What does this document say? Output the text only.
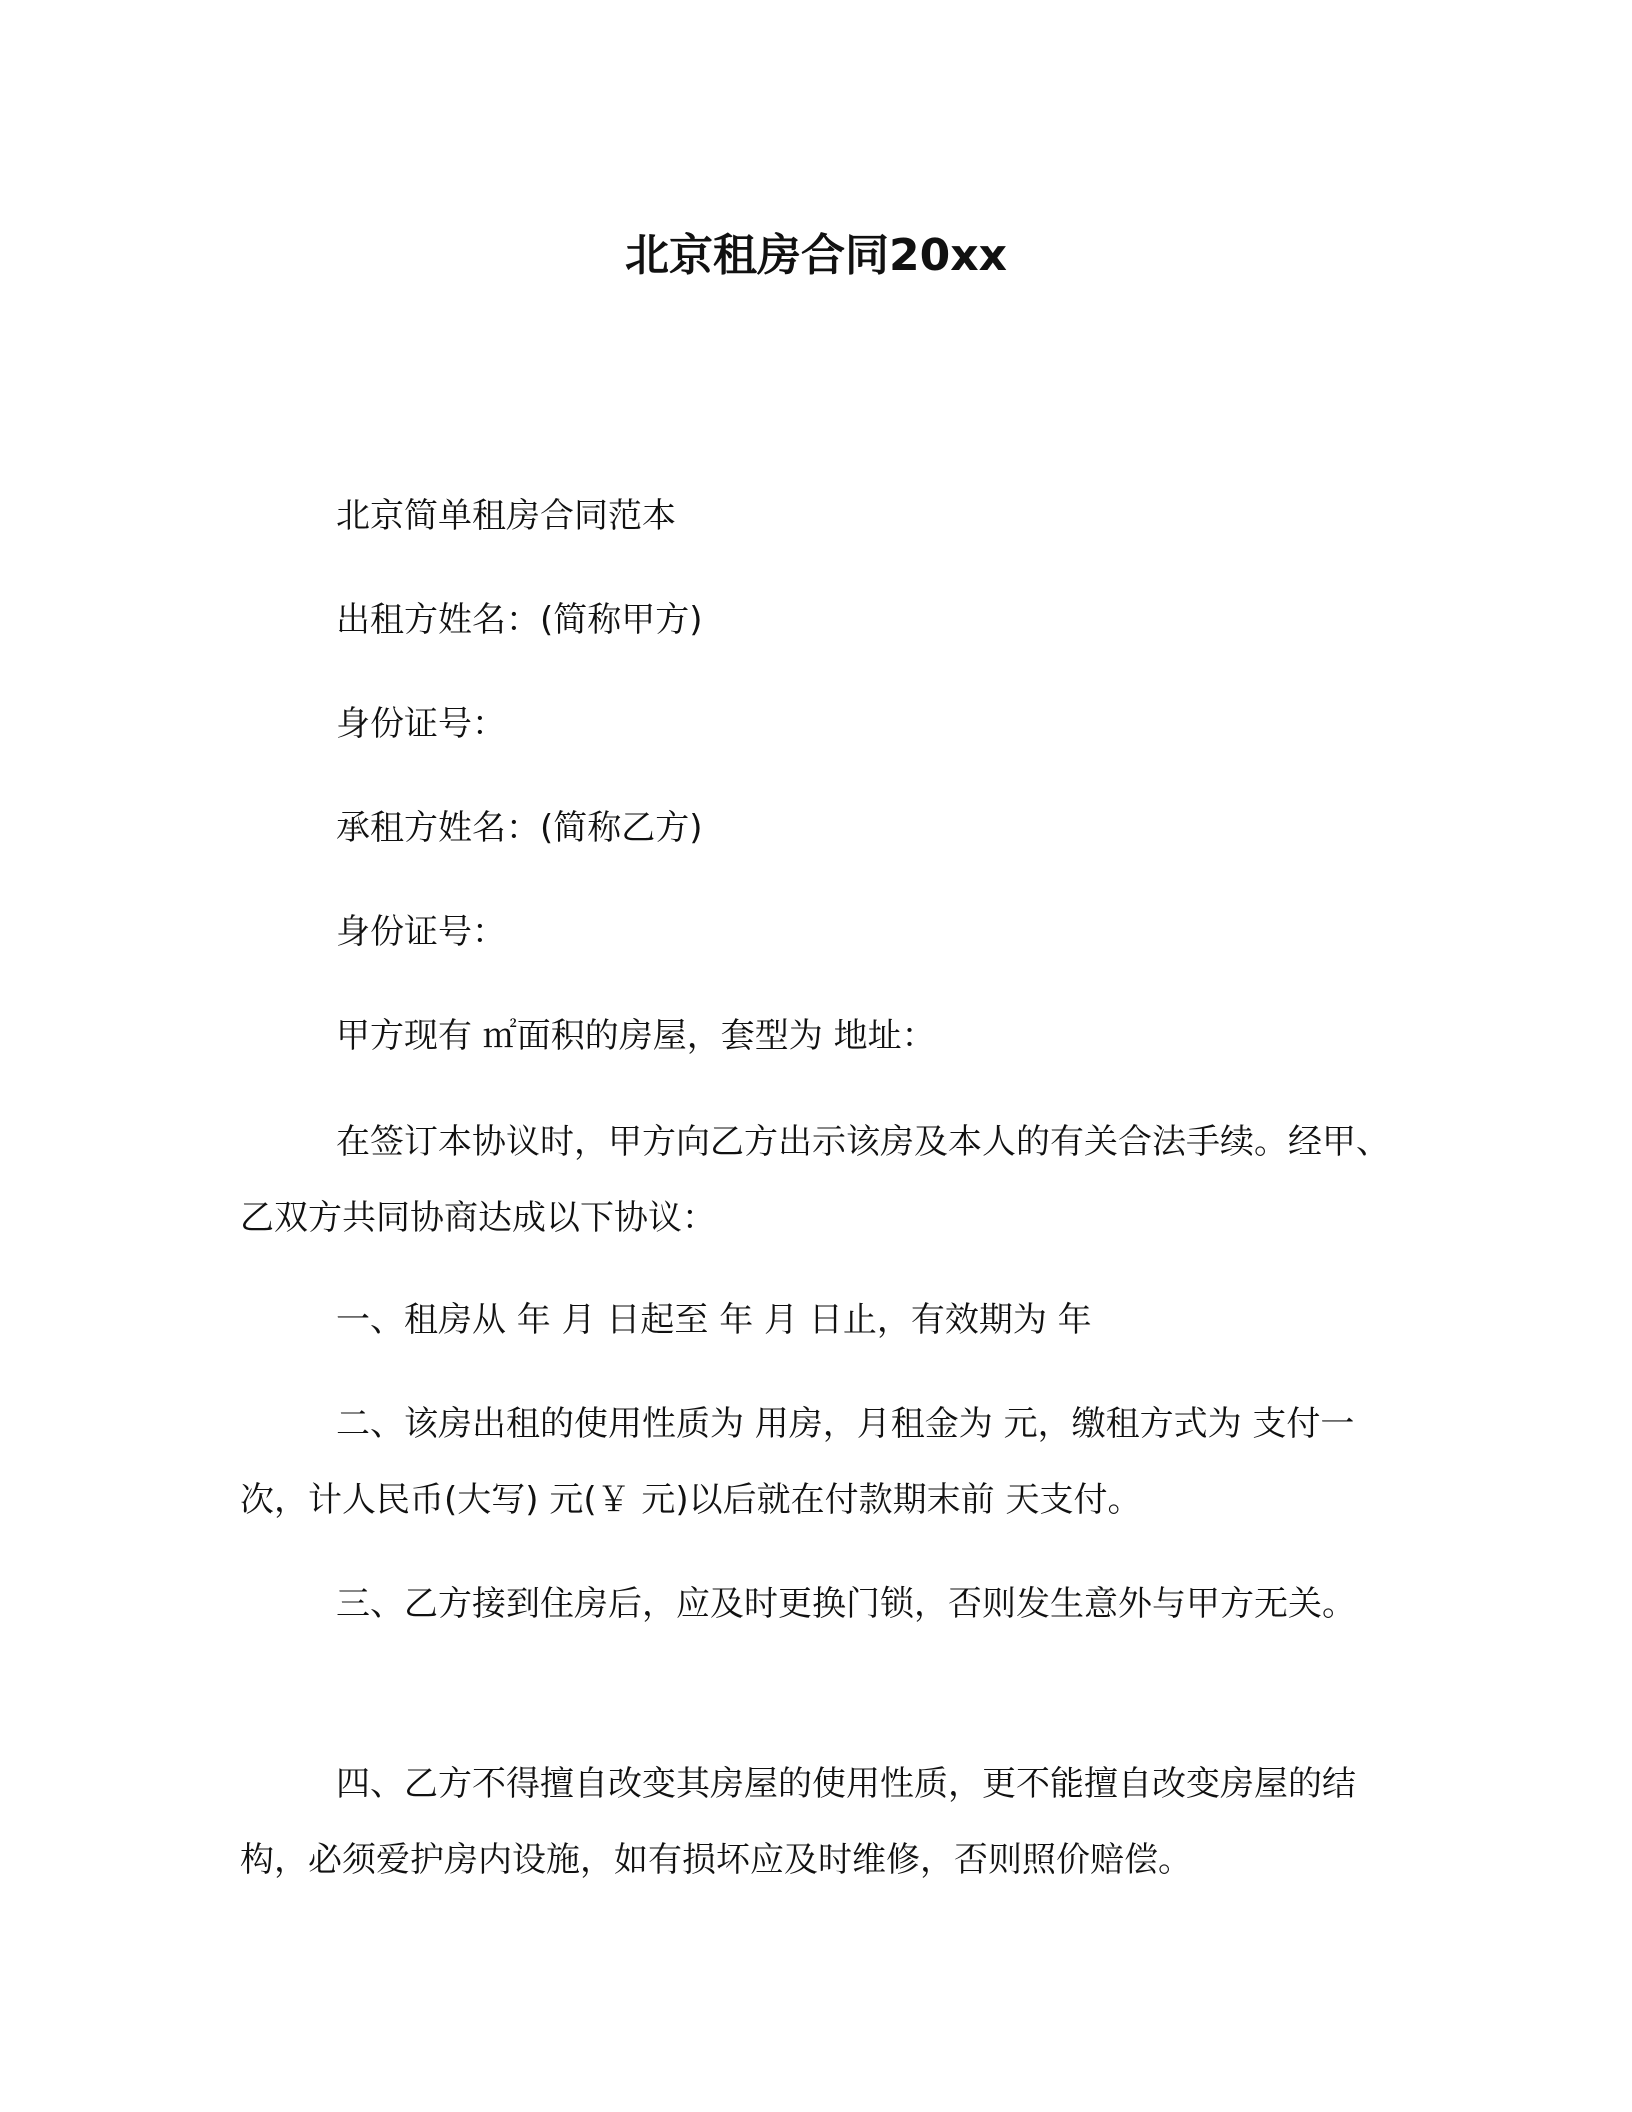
北京租房合同20xx

北京简单租房合同范本

出租方姓名：(简称甲方)

身份证号：

承租方姓名：(简称乙方)

身份证号：

甲方现有 ㎡面积的房屋，套型为 地址：

在签订本协议时，甲方向乙方出示该房及本人的有关合法手续。经甲、乙双方共同协商达成以下协议：

一、租房从 年 月 日起至 年 月 日止，有效期为 年

二、该房出租的使用性质为 用房，月租金为 元，缴租方式为 支付一次，计人民币(大写) 元(￥ 元)以后就在付款期末前 天支付。

三、乙方接到住房后，应及时更换门锁，否则发生意外与甲方无关。

四、乙方不得擅自改变其房屋的使用性质，更不能擅自改变房屋的结构，必须爱护房内设施，如有损坏应及时维修，否则照价赔偿。
